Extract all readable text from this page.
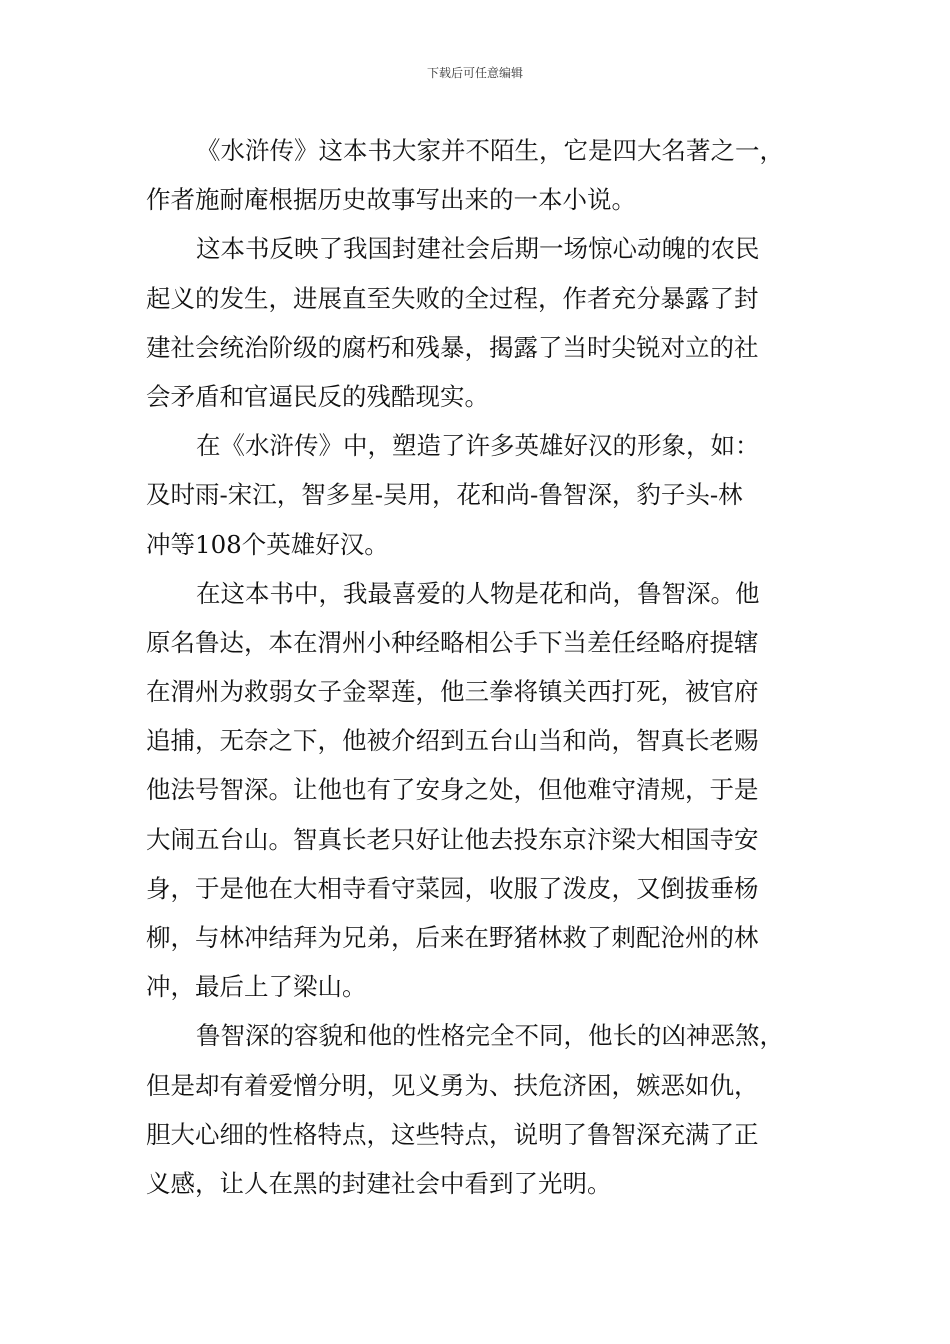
下载后可任意编辑

《水浒传》这本书大家并不陌生，它是四大名著之一，
作者施耐庵根据历史故事写出来的一本小说。

这本书反映了我国封建社会后期一场惊心动魄的农民
起义的发生，进展直至失败的全过程，作者充分暴露了封
建社会统治阶级的腐朽和残暴，揭露了当时尖锐对立的社
会矛盾和官逼民反的残酷现实。

在《水浒传》中，塑造了许多英雄好汉的形象，如：
及时雨-宋江，智多星-吴用，花和尚-鲁智深，豹子头-林
冲等108个英雄好汉。

在这本书中，我最喜爱的人物是花和尚，鲁智深。他
原名鲁达，本在渭州小种经略相公手下当差任经略府提辖
在渭州为救弱女子金翠莲，他三拳将镇关西打死，被官府
追捕，无奈之下，他被介绍到五台山当和尚，智真长老赐
他法号智深。让他也有了安身之处，但他难守清规，于是
大闹五台山。智真长老只好让他去投东京汴梁大相国寺安
身，于是他在大相寺看守菜园，收服了泼皮，又倒拔垂杨
柳，与林冲结拜为兄弟，后来在野猪林救了刺配沧州的林
冲，最后上了梁山。

鲁智深的容貌和他的性格完全不同，他长的凶神恶煞，
但是却有着爱憎分明，见义勇为、扶危济困，嫉恶如仇，
胆大心细的性格特点，这些特点，说明了鲁智深充满了正
义感，让人在黑的封建社会中看到了光明。
